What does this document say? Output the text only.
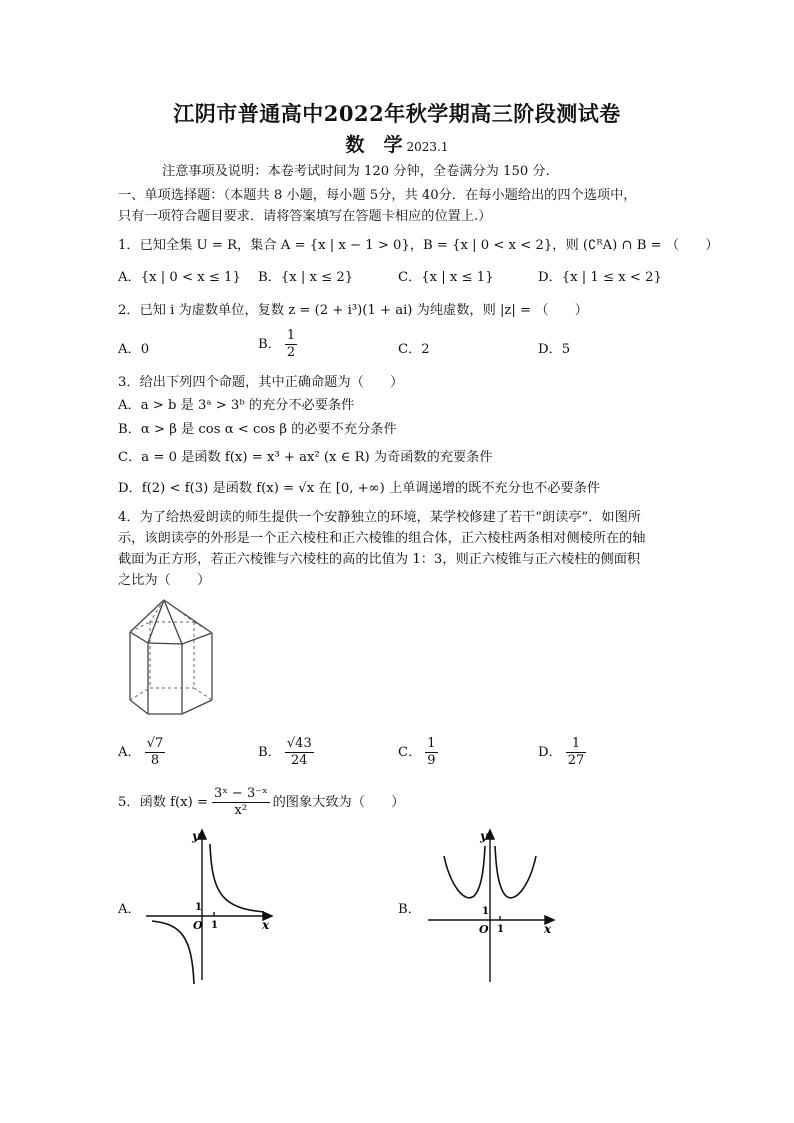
江阴市普通高中2022年秋学期高三阶段测试卷
数　学 2023.1
注意事项及说明：本卷考试时间为 120 分钟，全卷满分为 150 分.
一、单项选择题：（本题共 8 小题，每小题 5分，共 40分．在每小题给出的四个选项中，
只有一项符合题目要求．请将答案填写在答题卡相应的位置上.）
1．已知全集 U = R，集合 A = {x | x − 1 > 0}，B = {x | 0 < x < 2}，则 (∁ᴿA) ∩ B = （　　）
A．{x | 0 < x ≤ 1} B．{x | x ≤ 2}	C．{x | x ≤ 1}	D．{x | 1 ≤ x < 2}
2．已知 i 为虚数单位，复数 z = (2 + i³)(1 + ai) 为纯虚数，则 |z| = （　　）
A．0	B． $\frac{1}{2}$	C．2	D．5
3．给出下列四个命题，其中正确命题为（　　）
A．a > b 是 3ᵃ > 3ᵇ 的充分不必要条件
B．α > β 是 cos α < cos β 的必要不充分条件
C．a = 0 是函数 f(x) = x³ + ax² (x ∈ R) 为奇函数的充要条件
D．f(2) < f(3) 是函数 f(x) = √x 在 [0, +∞) 上单调递增的既不充分也不必要条件
4．为了给热爱朗读的师生提供一个安静独立的环境，某学校修建了若干“朗读亭”．如图所
示，该朗读亭的外形是一个正六棱柱和正六棱锥的组合体，正六棱柱两条相对侧棱所在的轴
截面为正方形，若正六棱锥与六棱柱的高的比值为 1：3，则正六棱锥与正六棱柱的侧面积
之比为（　　）
A． $\frac{√7}{8}$	B． $\frac{√43}{24}$	C． $\frac{1}{9}$	D． $\frac{1}{27}$
5．函数 $f(x) = \frac{\text{3ˣ − 3⁻ˣ}}{\text{x²}}$ 的图象大致为（　　）
A．
y
x
O 1
1	B．
y
x
O 1
1
